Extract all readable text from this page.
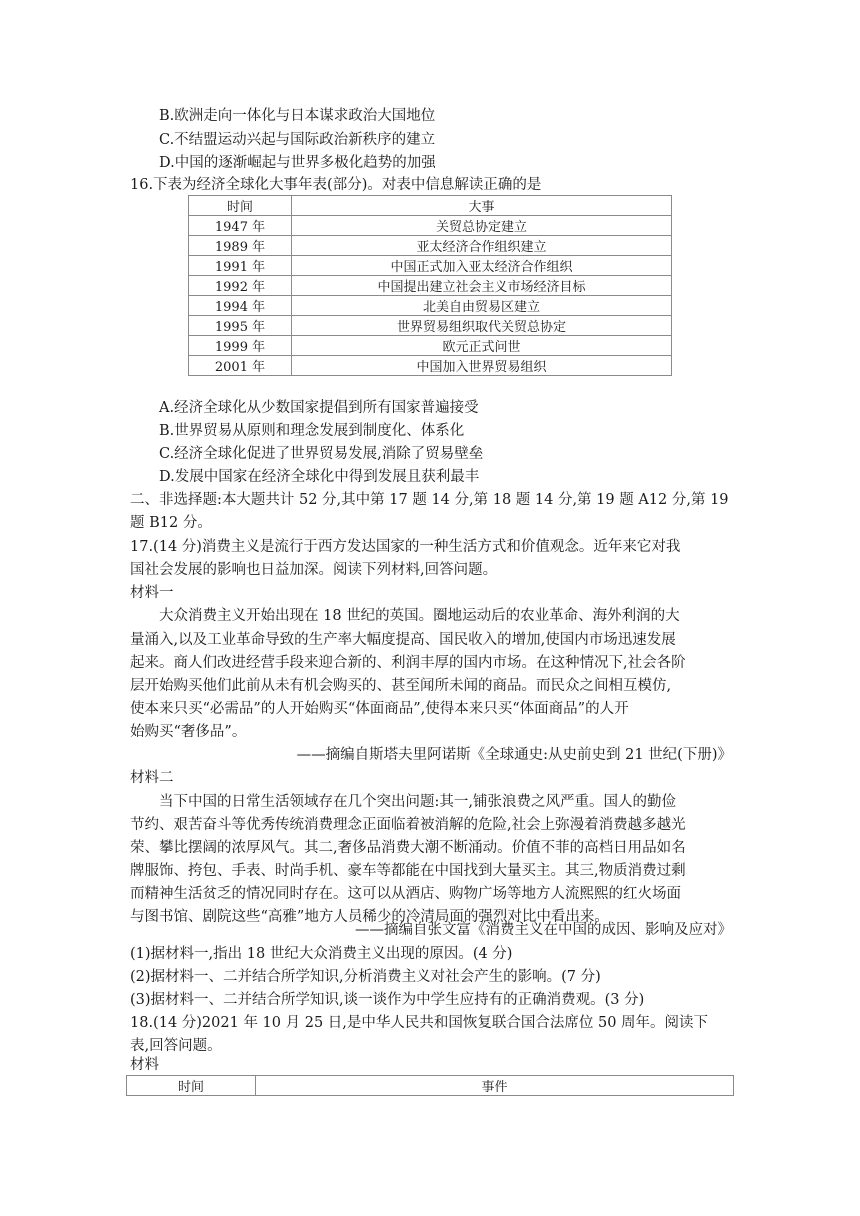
B.欧洲走向一体化与日本谋求政治大国地位
C.不结盟运动兴起与国际政治新秩序的建立
D.中国的逐渐崛起与世界多极化趋势的加强
16.下表为经济全球化大事年表(部分)。对表中信息解读正确的是
时间	大事
1947 年	关贸总协定建立
1989 年	亚太经济合作组织建立
1991 年	中国正式加入亚太经济合作组织
1992 年	中国提出建立社会主义市场经济目标
1994 年	北美自由贸易区建立
1995 年	世界贸易组织取代关贸总协定
1999 年	欧元正式问世
2001 年	中国加入世界贸易组织
A.经济全球化从少数国家提倡到所有国家普遍接受
B.世界贸易从原则和理念发展到制度化、体系化
C.经济全球化促进了世界贸易发展,消除了贸易壁垒
D.发展中国家在经济全球化中得到发展且获利最丰
二、非选择题:本大题共计 52 分,其中第 17 题 14 分,第 18 题 14 分,第 19 题 A12 分,第 19
题 B12 分。
17.(14 分)消费主义是流行于西方发达国家的一种生活方式和价值观念。近年来它对我
国社会发展的影响也日益加深。阅读下列材料,回答问题。
材料一
大众消费主义开始出现在 18 世纪的英国。圈地运动后的农业革命、海外利润的大
量涌入,以及工业革命导致的生产率大幅度提高、国民收入的增加,使国内市场迅速发展
起来。商人们改进经营手段来迎合新的、利润丰厚的国内市场。在这种情况下,社会各阶
层开始购买他们此前从未有机会购买的、甚至闻所未闻的商品。而民众之间相互模仿,
使本来只买“必需品”的人开始购买“体面商品”,使得本来只买“体面商品”的人开
始购买“奢侈品”。
——摘编自斯塔夫里阿诺斯《全球通史:从史前史到 21 世纪(下册)》
材料二
当下中国的日常生活领域存在几个突出问题:其一,铺张浪费之风严重。国人的勤俭
节约、艰苦奋斗等优秀传统消费理念正面临着被消解的危险,社会上弥漫着消费越多越光
荣、攀比摆阔的浓厚风气。其二,奢侈品消费大潮不断涌动。价值不菲的高档日用品如名
牌服饰、挎包、手表、时尚手机、豪车等都能在中国找到大量买主。其三,物质消费过剩
而精神生活贫乏的情况同时存在。这可以从酒店、购物广场等地方人流熙熙的红火场面
与图书馆、剧院这些“高雅”地方人员稀少的冷清局面的强烈对比中看出来。
——摘编自张文富《消费主义在中国的成因、影响及应对》
(1)据材料一,指出 18 世纪大众消费主义出现的原因。(4 分)
(2)据材料一、二并结合所学知识,分析消费主义对社会产生的影响。(7 分)
(3)据材料一、二并结合所学知识,谈一谈作为中学生应持有的正确消费观。(3 分)
18.(14 分)2021 年 10 月 25 日,是中华人民共和国恢复联合国合法席位 50 周年。阅读下
表,回答问题。
材料
时间	事件
